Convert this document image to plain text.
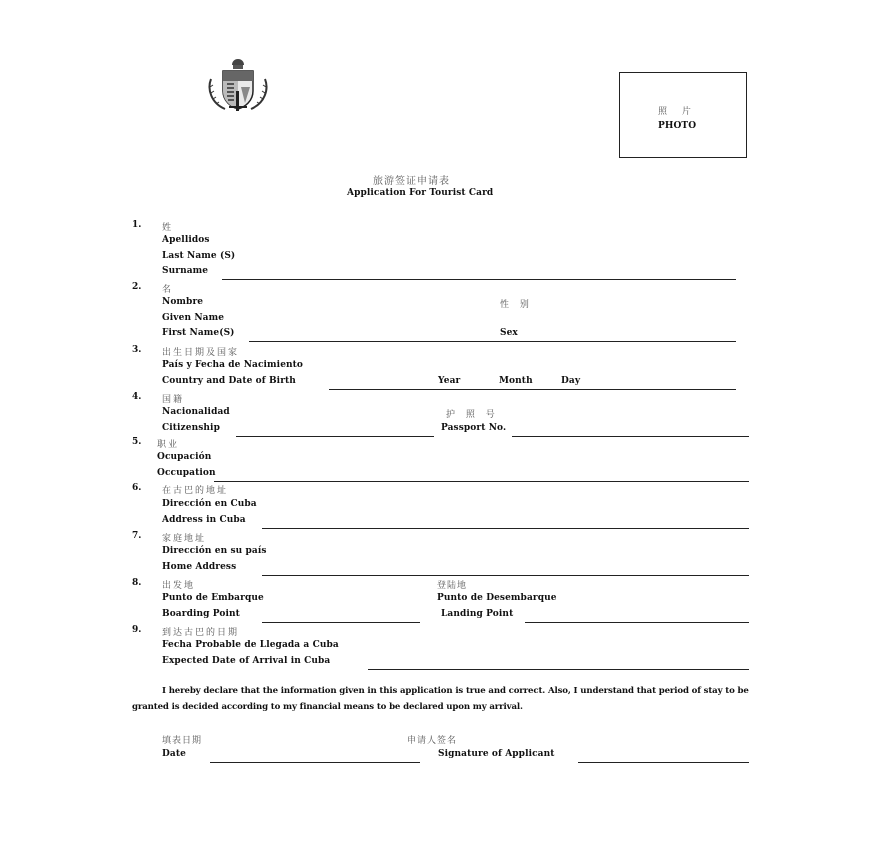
照 片
PHOTO
旅游签证申请表
Application For Tourist Card
1. 姓
Apellidos
Last Name (S)
Surname
2. 名
Nombre
Given Name
First Name(S)
性 别
Sex
3. 出生日期及国家
País y Fecha de Nacimiento
Country and Date of Birth	Year	Month	Day
4. 国籍
Nacionalidad
Citizenship
护 照 号
Passport No.
5. 职业
Ocupación
Occupation
6. 在古巴的地址
Dirección en Cuba
Address in Cuba
7. 家庭地址
Dirección en su país
Home Address
8. 出发地
Punto de Embarque
Boarding Point
登陆地
Punto de Desembarque
Landing Point
9. 到达古巴的日期
Fecha Probable de Llegada a Cuba
Expected Date of Arrival in Cuba
I hereby declare that the information given in this application is true and correct. Also, I understand that period of stay to be
granted is decided according to my financial means to be declared upon my arrival.
填表日期
Date
申请人签名
Signature of Applicant
